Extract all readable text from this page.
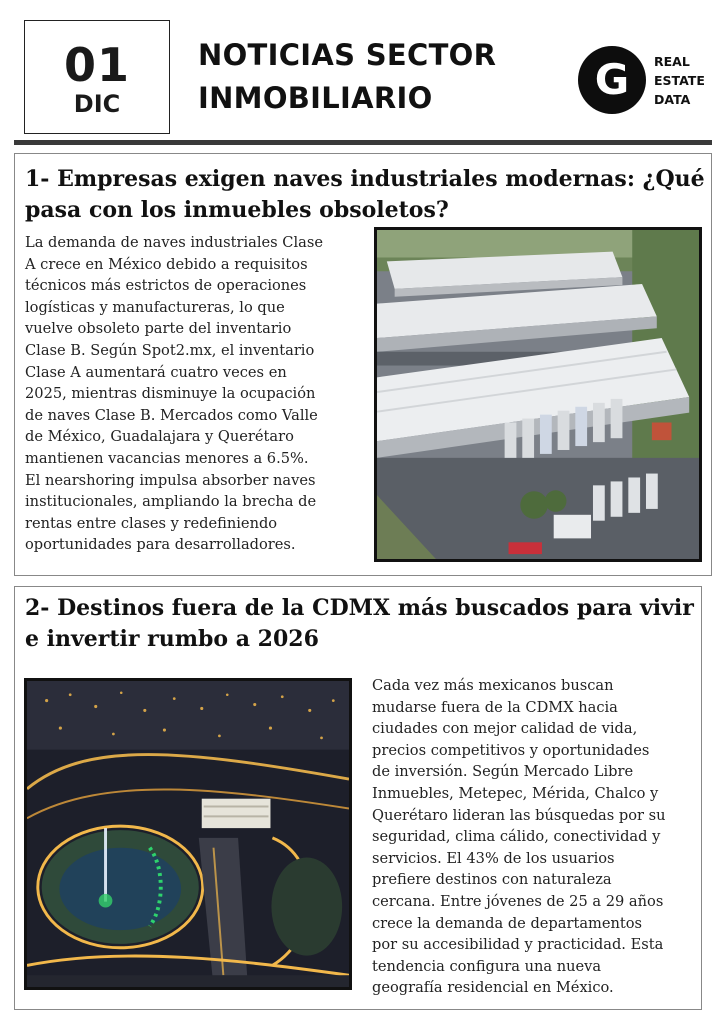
01
DIC
NOTICIAS SECTOR
INMOBILIARIO	G	REAL
ESTATE
DATA
1- Empresas exigen naves industriales modernas: ¿Qué
pasa con los inmuebles obsoletos?
La demanda de naves industriales Clase
A crece en México debido a requisitos
técnicos más estrictos de operaciones
logísticas y manufactureras, lo que
vuelve obsoleto parte del inventario
Clase B. Según Spot2.mx, el inventario
Clase A aumentará cuatro veces en
2025, mientras disminuye la ocupación
de naves Clase B. Mercados como Valle
de México, Guadalajara y Querétaro
mantienen vacancias menores a 6.5%.
El nearshoring impulsa absorber naves
institucionales, ampliando la brecha de
rentas entre clases y redefiniendo
oportunidades para desarrolladores.
2- Destinos fuera de la CDMX más buscados para vivir
e invertir rumbo a 2026
Cada vez más mexicanos buscan
mudarse fuera de la CDMX hacia
ciudades con mejor calidad de vida,
precios competitivos y oportunidades
de inversión. Según Mercado Libre
Inmuebles, Metepec, Mérida, Chalco y
Querétaro lideran las búsquedas por su
seguridad, clima cálido, conectividad y
servicios. El 43% de los usuarios
prefiere destinos con naturaleza
cercana. Entre jóvenes de 25 a 29 años
crece la demanda de departamentos
por su accesibilidad y practicidad. Esta
tendencia configura una nueva
geografía residencial en México.
